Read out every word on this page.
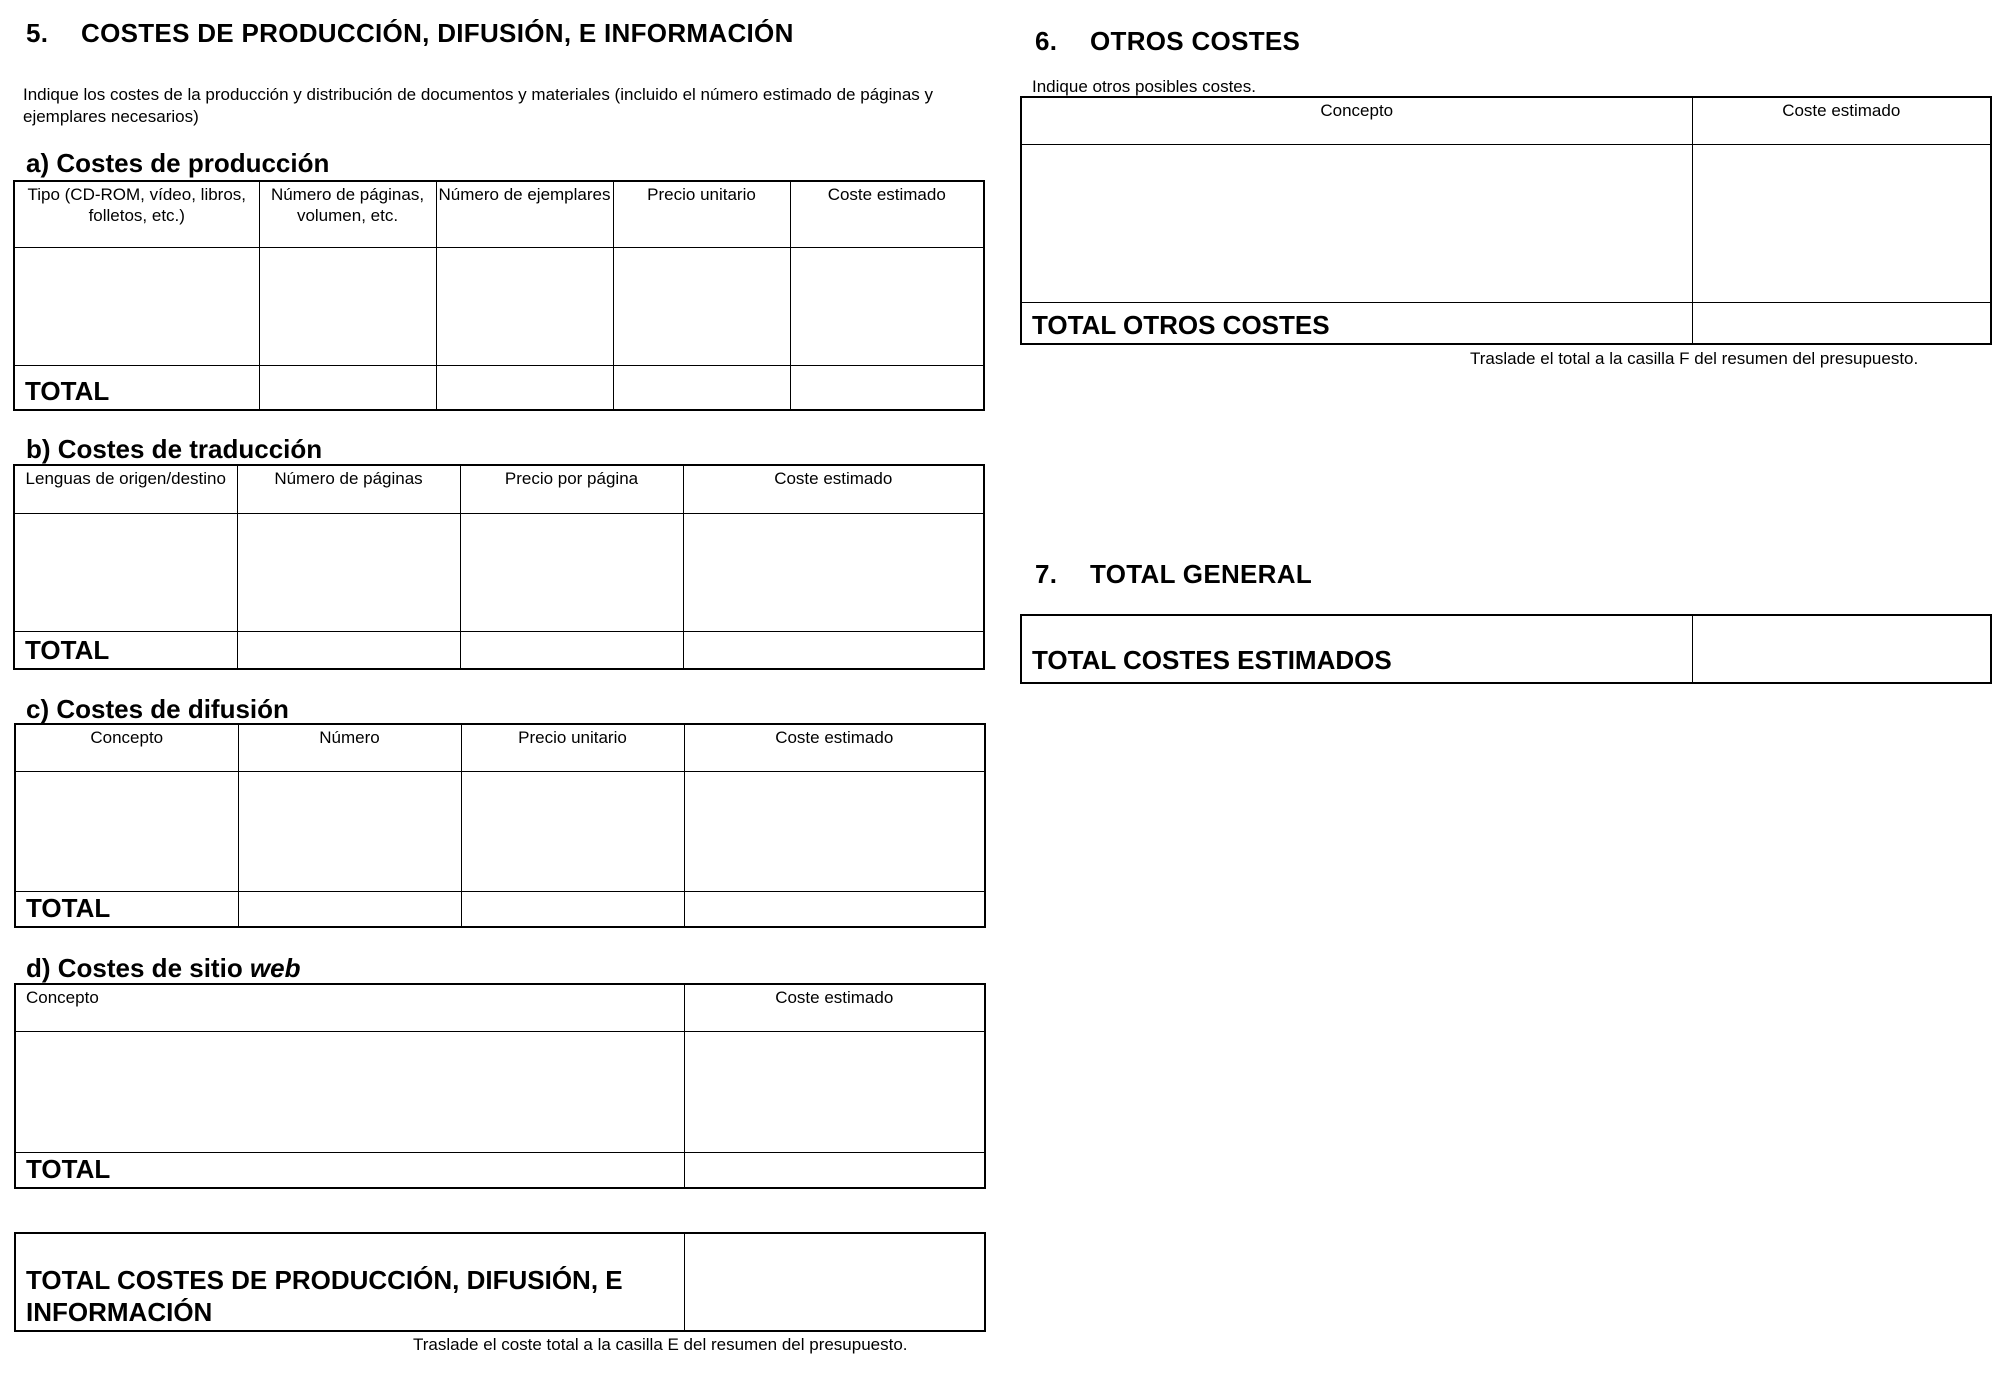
5. COSTES DE PRODUCCIÓN, DIFUSIÓN, E INFORMACIÓN
Indique los costes de la producción y distribución de documentos y materiales (incluido el número estimado de páginas y ejemplares necesarios)
a) Costes de producción
Tipo (CD-ROM, vídeo, libros, folletos, etc.)	Número de páginas, volumen, etc.	Número de ejemplares	Precio unitario	Coste estimado

TOTAL				
b) Costes de traducción
Lenguas de origen/destino	Número de páginas	Precio por página	Coste estimado

TOTAL			
c) Costes de difusión
Concepto	Número	Precio unitario	Coste estimado

TOTAL			
d) Costes de sitio web
Concepto	Coste estimado

TOTAL	
TOTAL COSTES DE PRODUCCIÓN, DIFUSIÓN, E INFORMACIÓN	
Traslade el coste total a la casilla E del resumen del presupuesto.
6. OTROS COSTES
Indique otros posibles costes.
Concepto	Coste estimado

TOTAL OTROS COSTES	
Traslade el total a la casilla F del resumen del presupuesto.
7. TOTAL GENERAL
TOTAL COSTES ESTIMADOS	
